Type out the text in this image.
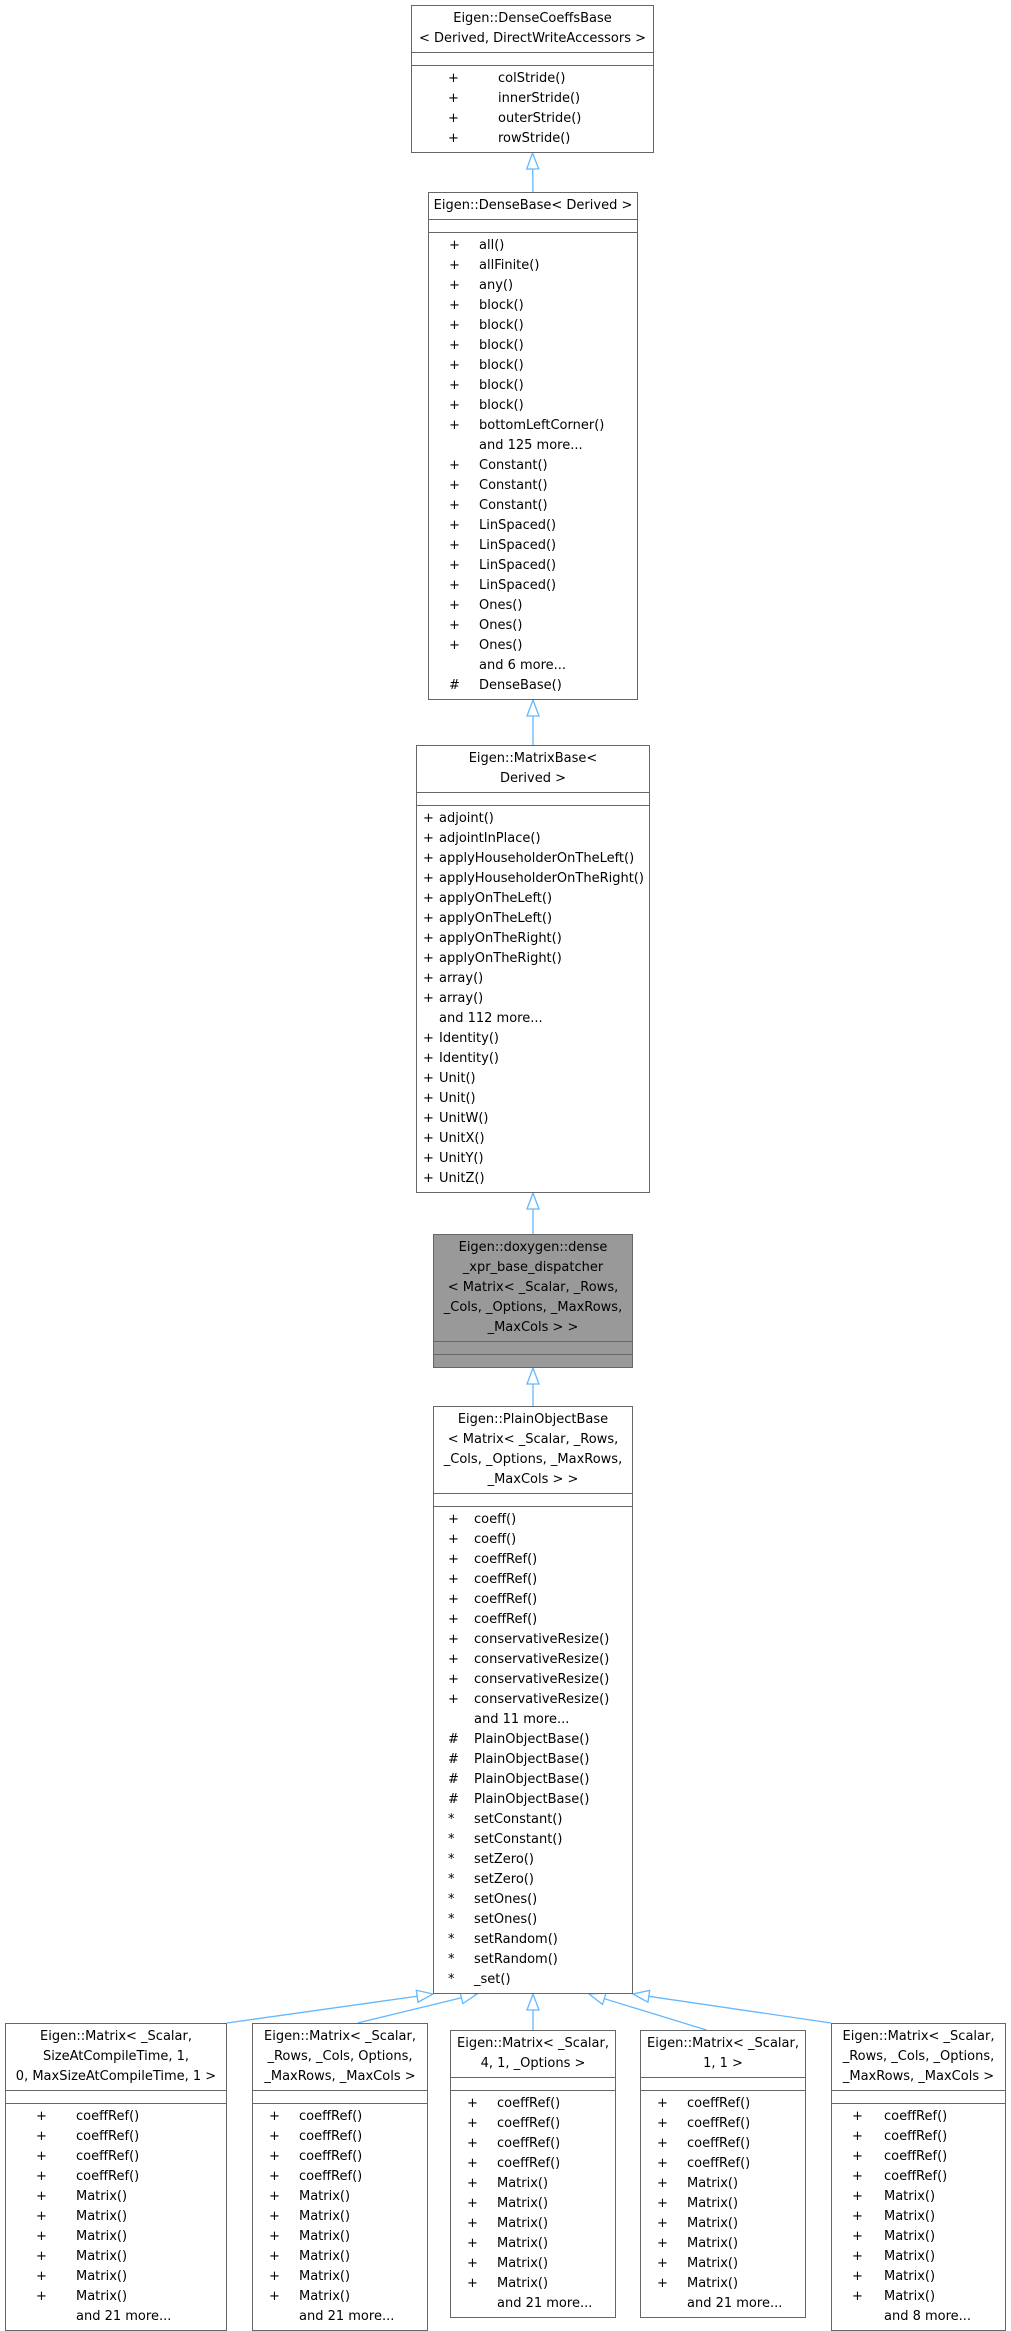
Eigen::DenseCoeffsBase
< Derived, DirectWriteAccessors >
+	colStride()
+	innerStride()
+	outerStride()
+	rowStride()
Eigen::DenseBase< Derived >
+ all()
+ allFinite()
+ any()
+ block()
+ block()
+ block()
+ block()
+ block()
+ block()
+ bottomLeftCorner()
and 125 more...
+ Constant()
+ Constant()
+ Constant()
+ LinSpaced()
+ LinSpaced()
+ LinSpaced()
+ LinSpaced()
+ Ones()
+ Ones()
+ Ones()
and 6 more...
# DenseBase()
Eigen::MatrixBase<
Derived >
+ adjoint()
+ adjointInPlace()
+ applyHouseholderOnTheLeft()
+ applyHouseholderOnTheRight()
+ applyOnTheLeft()
+ applyOnTheLeft()
+ applyOnTheRight()
+ applyOnTheRight()
+ array()
+ array()
and 112 more...
+ Identity()
+ Identity()
+ Unit()
+ Unit()
+ UnitW()
+ UnitX()
+ UnitY()
+ UnitZ()
Eigen::doxygen::dense
_xpr_base_dispatcher
< Matrix< _Scalar, _Rows,
_Cols, _Options, _MaxRows,
_MaxCols > >
Eigen::PlainObjectBase
< Matrix< _Scalar, _Rows,
_Cols, _Options, _MaxRows,
_MaxCols > >
+ coeff()
+ coeff()
+ coeffRef()
+ coeffRef()
+ coeffRef()
+ coeffRef()
+ conservativeResize()
+ conservativeResize()
+ conservativeResize()
+ conservativeResize()
and 11 more...
# PlainObjectBase()
# PlainObjectBase()
# PlainObjectBase()
# PlainObjectBase()
* setConstant()
* setConstant()
* setZero()
* setZero()
* setOnes()
* setOnes()
* setRandom()
* setRandom()
* _set()
Eigen::Matrix< _Scalar,
SizeAtCompileTime, 1,
0, MaxSizeAtCompileTime, 1 >
+ coeffRef()
+ coeffRef()
+ coeffRef()
+ coeffRef()
+ Matrix()
+ Matrix()
+ Matrix()
+ Matrix()
+ Matrix()
+ Matrix()
and 21 more...
Eigen::Matrix< _Scalar,
_Rows, _Cols, Options,
_MaxRows, _MaxCols >
+ coeffRef()
+ coeffRef()
+ coeffRef()
+ coeffRef()
+ Matrix()
+ Matrix()
+ Matrix()
+ Matrix()
+ Matrix()
+ Matrix()
and 21 more...
Eigen::Matrix< _Scalar,
4, 1, _Options >
+ coeffRef()
+ coeffRef()
+ coeffRef()
+ coeffRef()
+ Matrix()
+ Matrix()
+ Matrix()
+ Matrix()
+ Matrix()
+ Matrix()
and 21 more...
Eigen::Matrix< _Scalar,
1, 1 >
+ coeffRef()
+ coeffRef()
+ coeffRef()
+ coeffRef()
+ Matrix()
+ Matrix()
+ Matrix()
+ Matrix()
+ Matrix()
+ Matrix()
and 21 more...
Eigen::Matrix< _Scalar,
_Rows, _Cols, _Options,
_MaxRows, _MaxCols >
+ coeffRef()
+ coeffRef()
+ coeffRef()
+ coeffRef()
+ Matrix()
+ Matrix()
+ Matrix()
+ Matrix()
+ Matrix()
+ Matrix()
and 8 more...
